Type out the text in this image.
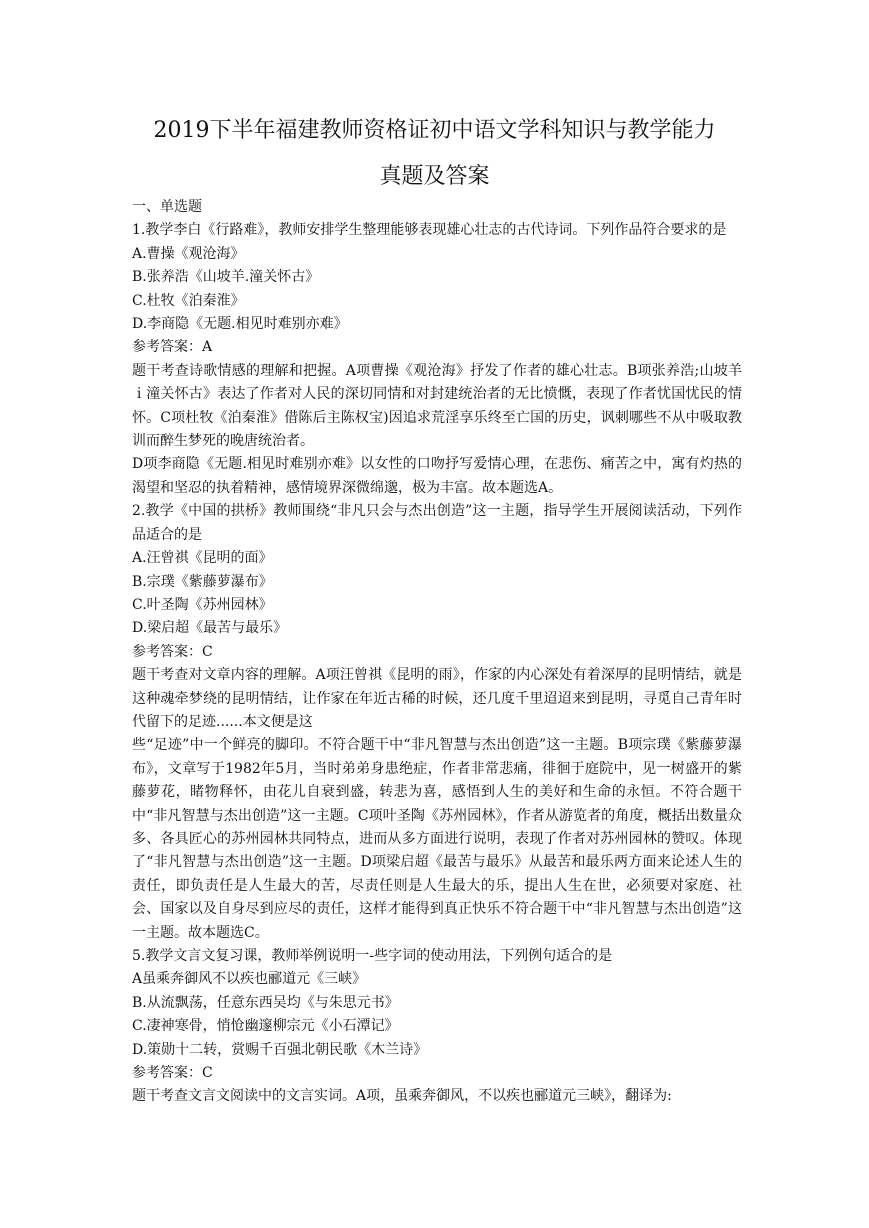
2019下半年福建教师资格证初中语文学科知识与教学能力
真题及答案

一、单选题

1.教学李白《行路难》，教师安排学生整理能够表现雄心壮志的古代诗词。下列作品符合要求的是

A.曹操《观沧海》

B.张养浩《山坡羊.潼关怀古》

C.杜牧《泊秦淮》

D.李商隐《无题.相见时难别亦难》

参考答案：A

题干考查诗歌情感的理解和把握。A项曹操《观沧海》抒发了作者的雄心壮志。B项张养浩;山坡羊ｉ潼关怀古》表达了作者对人民的深切同情和对封建统治者的无比愤慨，表现了作者忧国忧民的情怀。C项杜牧《泊秦淮》借陈后主陈权宝)因追求荒淫享乐终至亡国的历史，讽刺哪些不从中吸取教训而醉生梦死的晚唐统治者。

D项李商隐《无题.相见时难别亦难》以女性的口吻抒写爱情心理，在悲伤、痛苦之中，寓有灼热的渴望和坚忍的执着精神，感情境界深微绵邈，极为丰富。故本题选A。

2.教学《中国的拱桥》教师围绕“非凡只会与杰出创造”这一主题，指导学生开展阅读活动，下列作品适合的是

A.汪曾祺《昆明的面》

B.宗璞《紫藤萝瀑布》

C.叶圣陶《苏州园林》

D.梁启超《最苦与最乐》

参考答案：C

题干考查对文章内容的理解。A项汪曾祺《昆明的雨》，作家的内心深处有着深厚的昆明情结，就是这种魂牵梦绕的昆明情结，让作家在年近古稀的时候，还几度千里迢迢来到昆明，寻觅自己青年时代留下的足迹......本文便是这

些“足迹”中一个鲜亮的脚印。不符合题干中“非凡智慧与杰出创造”这一主题。B项宗璞《紫藤萝瀑布》，文章写于1982年5月，当时弟弟身患绝症，作者非常悲痛，徘徊于庭院中，见一树盛开的紫藤萝花，睹物释怀，由花儿自衰到盛，转悲为喜，感悟到人生的美好和生命的永恒。不符合题干中“非凡智慧与杰出创造”这一主题。C项叶圣陶《苏州园林》，作者从游览者的角度，概括出数量众多、各具匠心的苏州园林共同特点，进而从多方面进行说明，表现了作者对苏州园林的赞叹。体现了“非凡智慧与杰出创造”这一主题。D项梁启超《最苦与最乐》从最苦和最乐两方面来论述人生的责任，即负责任是人生最大的苦，尽责任则是人生最大的乐，提出人生在世，必须要对家庭、社会、国家以及自身尽到应尽的责任，这样才能得到真正快乐不符合题干中“非凡智慧与杰出创造”这一主题。故本题选C。

5.教学文言文复习课，教师举例说明一-些字词的使动用法，下列例句适合的是

A虽乘奔御风不以疾也郦道元《三峡》

B.从流飘荡，任意东西吴均《与朱思元书》

C.凄神寒骨，悄怆幽邃柳宗元《小石潭记》

D.策勋十二转，赏赐千百强北朝民歌《木兰诗》

参考答案：C

题干考查文言文阅读中的文言实词。A项，虽乘奔御风，不以疾也郦道元三峡》，翻译为:
